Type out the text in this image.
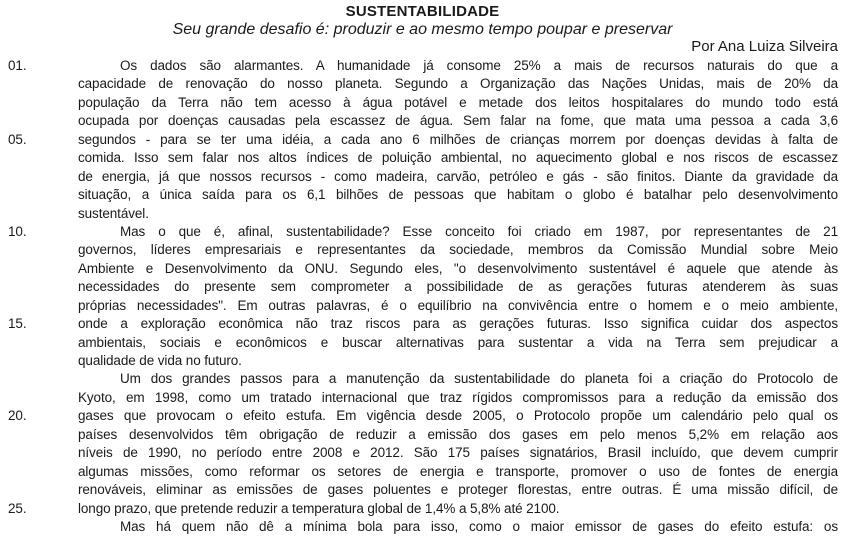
SUSTENTABILIDADE
Seu grande desafio é: produzir e ao mesmo tempo poupar e preservar
Por Ana Luiza Silveira
01.	Os dados são alarmantes. A humanidade já consome 25% a mais de recursos naturais do que a
capacidade de renovação do nosso planeta. Segundo a Organização das Nações Unidas, mais de 20% da
população da Terra não tem acesso à água potável e metade dos leitos hospitalares do mundo todo está
ocupada por doenças causadas pela escassez de água. Sem falar na fome, que mata uma pessoa a cada 3,6
05.	segundos - para se ter uma idéia, a cada ano 6 milhões de crianças morrem por doenças devidas à falta de
comida. Isso sem falar nos altos índices de poluição ambiental, no aquecimento global e nos riscos de escassez
de energia, já que nossos recursos - como madeira, carvão, petróleo e gás - são finitos. Diante da gravidade da
situação, a única saída para os 6,1 bilhões de pessoas que habitam o globo é batalhar pelo desenvolvimento
sustentável.
10.	Mas o que é, afinal, sustentabilidade? Esse conceito foi criado em 1987, por representantes de 21
governos, líderes empresariais e representantes da sociedade, membros da Comissão Mundial sobre Meio
Ambiente e Desenvolvimento da ONU. Segundo eles, "o desenvolvimento sustentável é aquele que atende às
necessidades do presente sem comprometer a possibilidade de as gerações futuras atenderem às suas
próprias necessidades". Em outras palavras, é o equilíbrio na convivência entre o homem e o meio ambiente,
15.	onde a exploração econômica não traz riscos para as gerações futuras. Isso significa cuidar dos aspectos
ambientais, sociais e econômicos e buscar alternativas para sustentar a vida na Terra sem prejudicar a
qualidade de vida no futuro.
Um dos grandes passos para a manutenção da sustentabilidade do planeta foi a criação do Protocolo de
Kyoto, em 1998, como um tratado internacional que traz rígidos compromissos para a redução da emissão dos
20.	gases que provocam o efeito estufa. Em vigência desde 2005, o Protocolo propõe um calendário pelo qual os
países desenvolvidos têm obrigação de reduzir a emissão dos gases em pelo menos 5,2% em relação aos
níveis de 1990, no período entre 2008 e 2012. São 175 países signatários, Brasil incluído, que devem cumprir
algumas missões, como reformar os setores de energia e transporte, promover o uso de fontes de energia
renováveis, eliminar as emissões de gases poluentes e proteger florestas, entre outras. É uma missão difícil, de
25.	longo prazo, que pretende reduzir a temperatura global de 1,4% a 5,8% até 2100.
Mas há quem não dê a mínima bola para isso, como o maior emissor de gases do efeito estufa: os
